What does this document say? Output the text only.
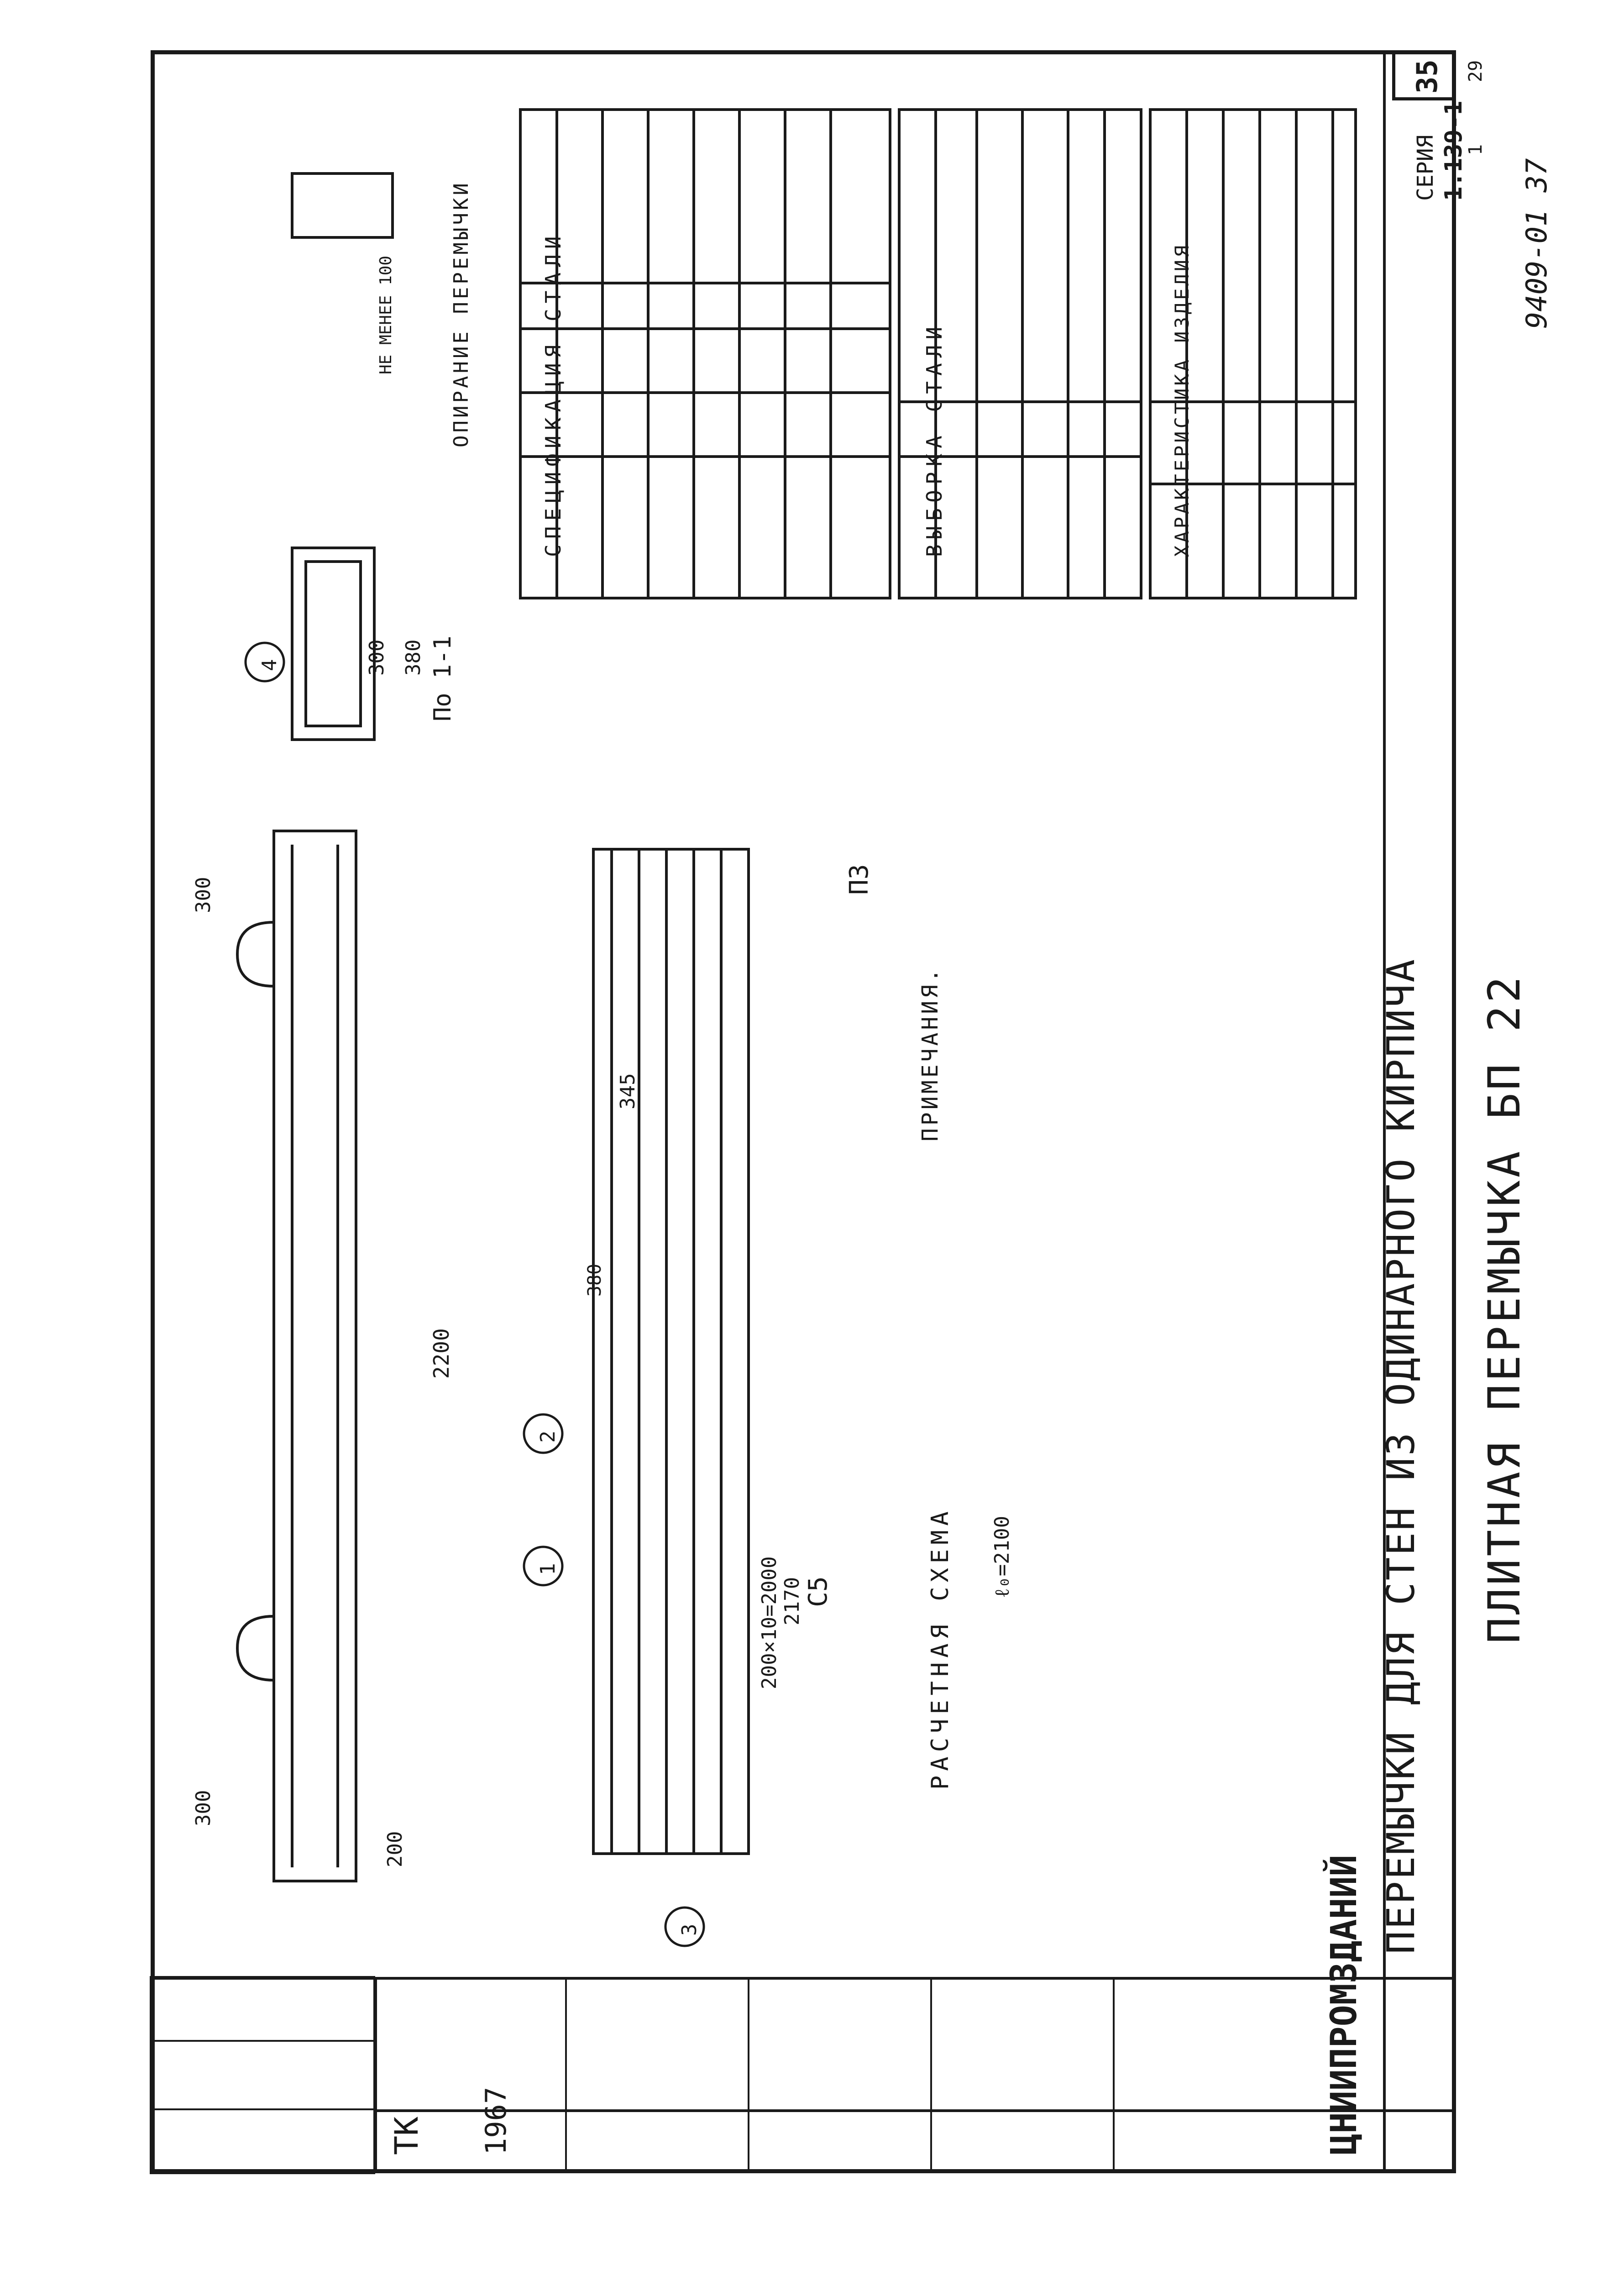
35
ПЕРЕМЫЧКИ ДЛЯ СТЕН ИЗ ОДИНАРНОГО КИРПИЧА ПЛИТНАЯ ПЕРЕМЫЧКА БП 22
СЕРИЯ 1.139-1
1
29
9409-01 37
ТК 1967	ЦНИИПРОМЗДАНИЙ
1
2
3
4
2200
300
300
200
По 1-1
380
300
С5
200×10=2000 2170
380
П3
345
ОПИРАНИЕ ПЕРЕМЫЧКИ
НЕ МЕНЕЕ 100
ПРИМЕЧАНИЯ.
РАСЧЕТНАЯ СХЕМА ℓ₀=2100
СПЕЦИФИКАЦИЯ СТАЛИ	ВЫБОРКА СТАЛИ	ХАРАКТЕРИСТИКА ИЗДЕЛИЯ
